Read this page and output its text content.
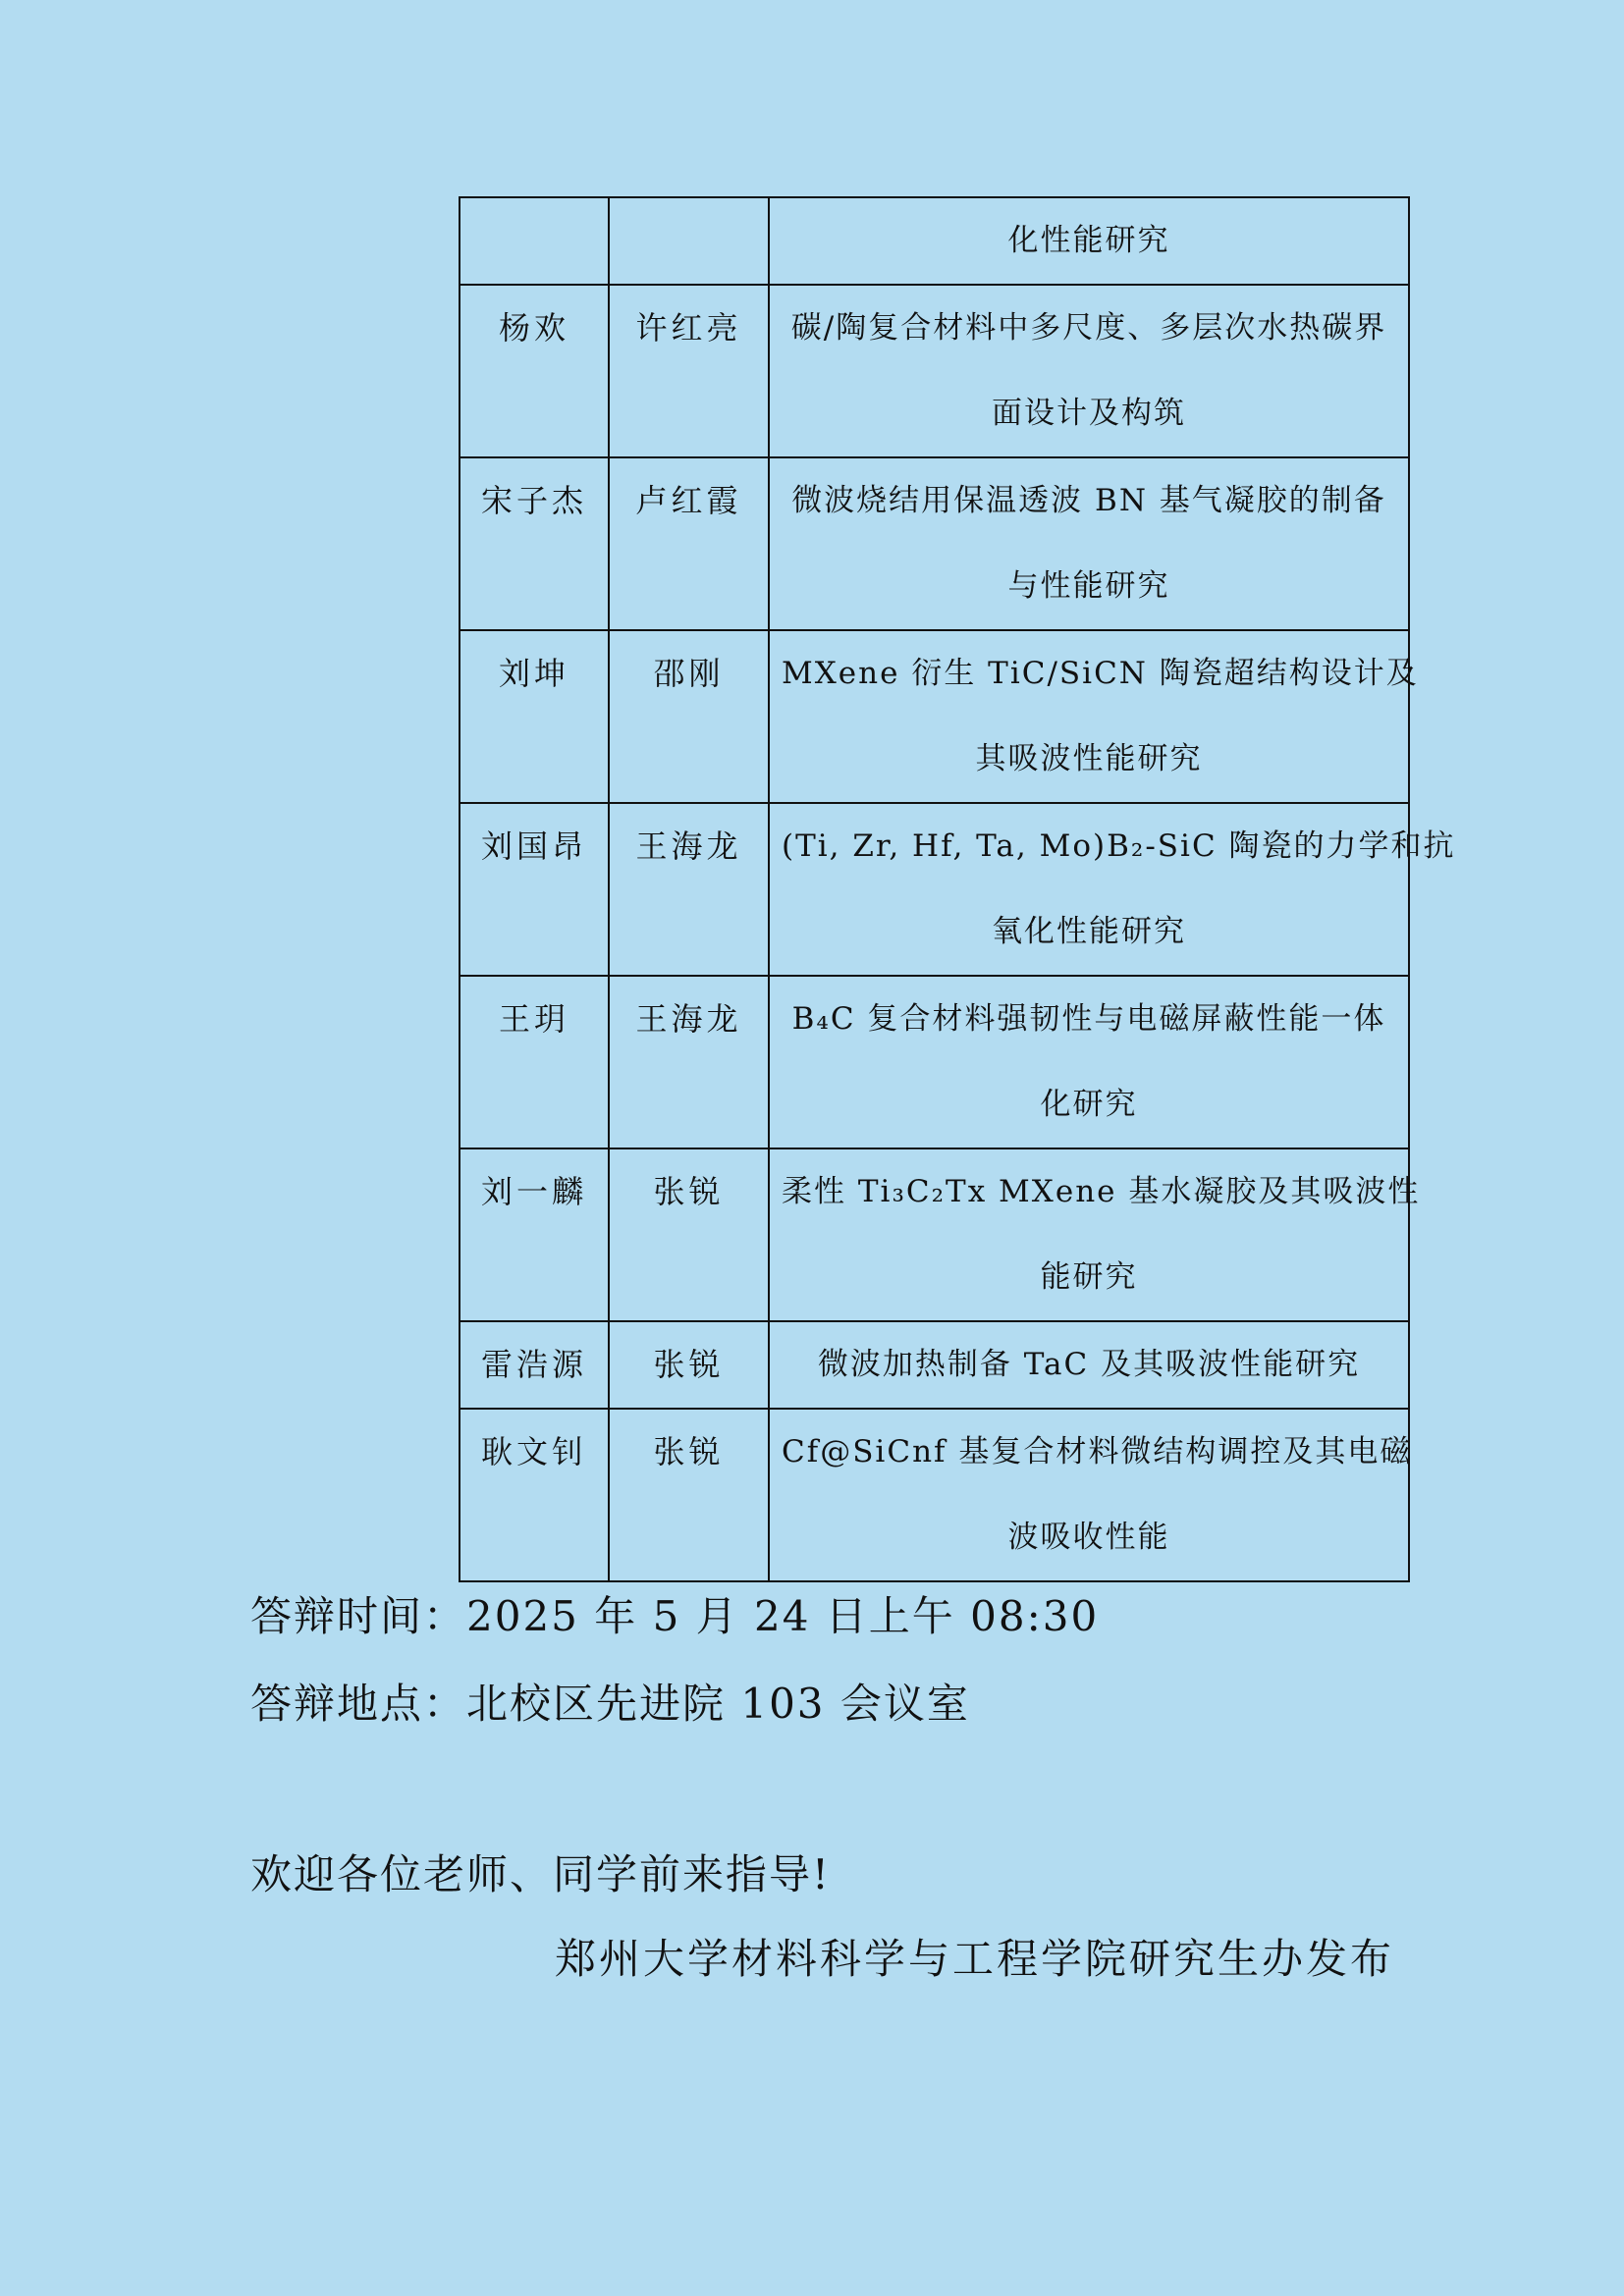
		化性能研究

杨欢	许红亮	碳/陶复合材料中多尺度、多层次水热碳界
面设计及构筑

宋子杰	卢红霞	微波烧结用保温透波 BN 基气凝胶的制备
与性能研究

刘坤	邵刚	MXene 衍生 TiC/SiCN 陶瓷超结构设计及
其吸波性能研究

刘国昂	王海龙	(Ti, Zr, Hf, Ta, Mo)B₂-SiC 陶瓷的力学和抗
氧化性能研究

王玥	王海龙	B₄C 复合材料强韧性与电磁屏蔽性能一体
化研究

刘一麟	张锐	柔性 Ti₃C₂Tx MXene 基水凝胶及其吸波性
能研究

雷浩源	张锐	微波加热制备 TaC 及其吸波性能研究

耿文钊	张锐	Cf@SiCnf 基复合材料微结构调控及其电磁
波吸收性能
答辩时间：2025 年 5 月 24 日上午 08:30
答辩地点：北校区先进院 103 会议室
欢迎各位老师、同学前来指导!
郑州大学材料科学与工程学院研究生办发布
